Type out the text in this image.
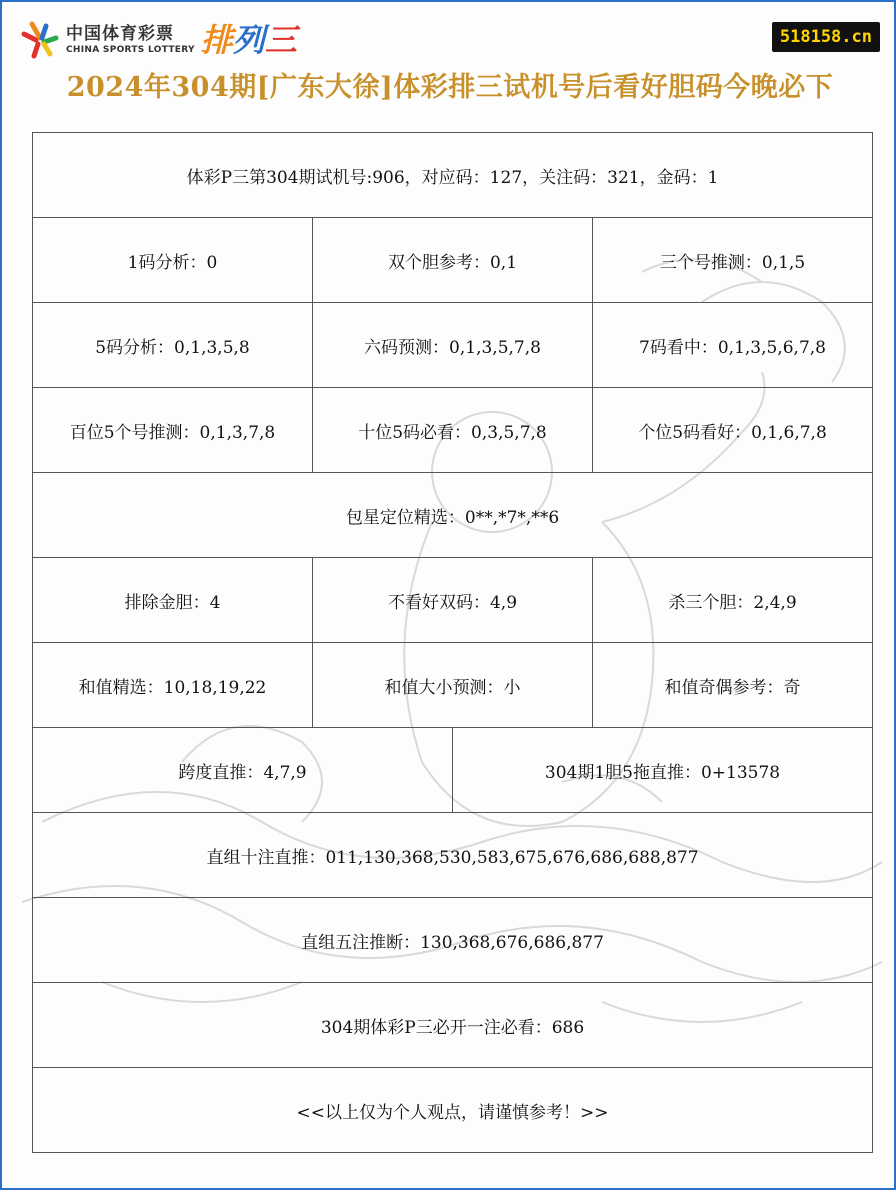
中国体育彩票
CHINA SPORTS LOTTERY 排列三	518158.cn
2024年304期[广东大徐]体彩排三试机号后看好胆码今晚必下
体彩P三第304期试机号:906，对应码：127，关注码：321，金码：1			
1码分析：0	双个胆参考：0,1		三个号推测：0,1,5
5码分析：0,1,3,5,8	六码预测：0,1,3,5,7,8		7码看中：0,1,3,5,6,7,8
百位5个号推测：0,1,3,7,8	十位5码必看：0,3,5,7,8		个位5码看好：0,1,6,7,8
包星定位精选：0**,*7*,**6			
排除金胆：4	不看好双码：4,9		杀三个胆：2,4,9
和值精选：10,18,19,22	和值大小预测：小		和值奇偶参考：奇
跨度直推：4,7,9		304期1胆5拖直推：0+13578	
直组十注直推：011,130,368,530,583,675,676,686,688,877			
直组五注推断：130,368,676,686,877			
304期体彩P三必开一注必看：686			
<<以上仅为个人观点，请谨慎参考！>>			
